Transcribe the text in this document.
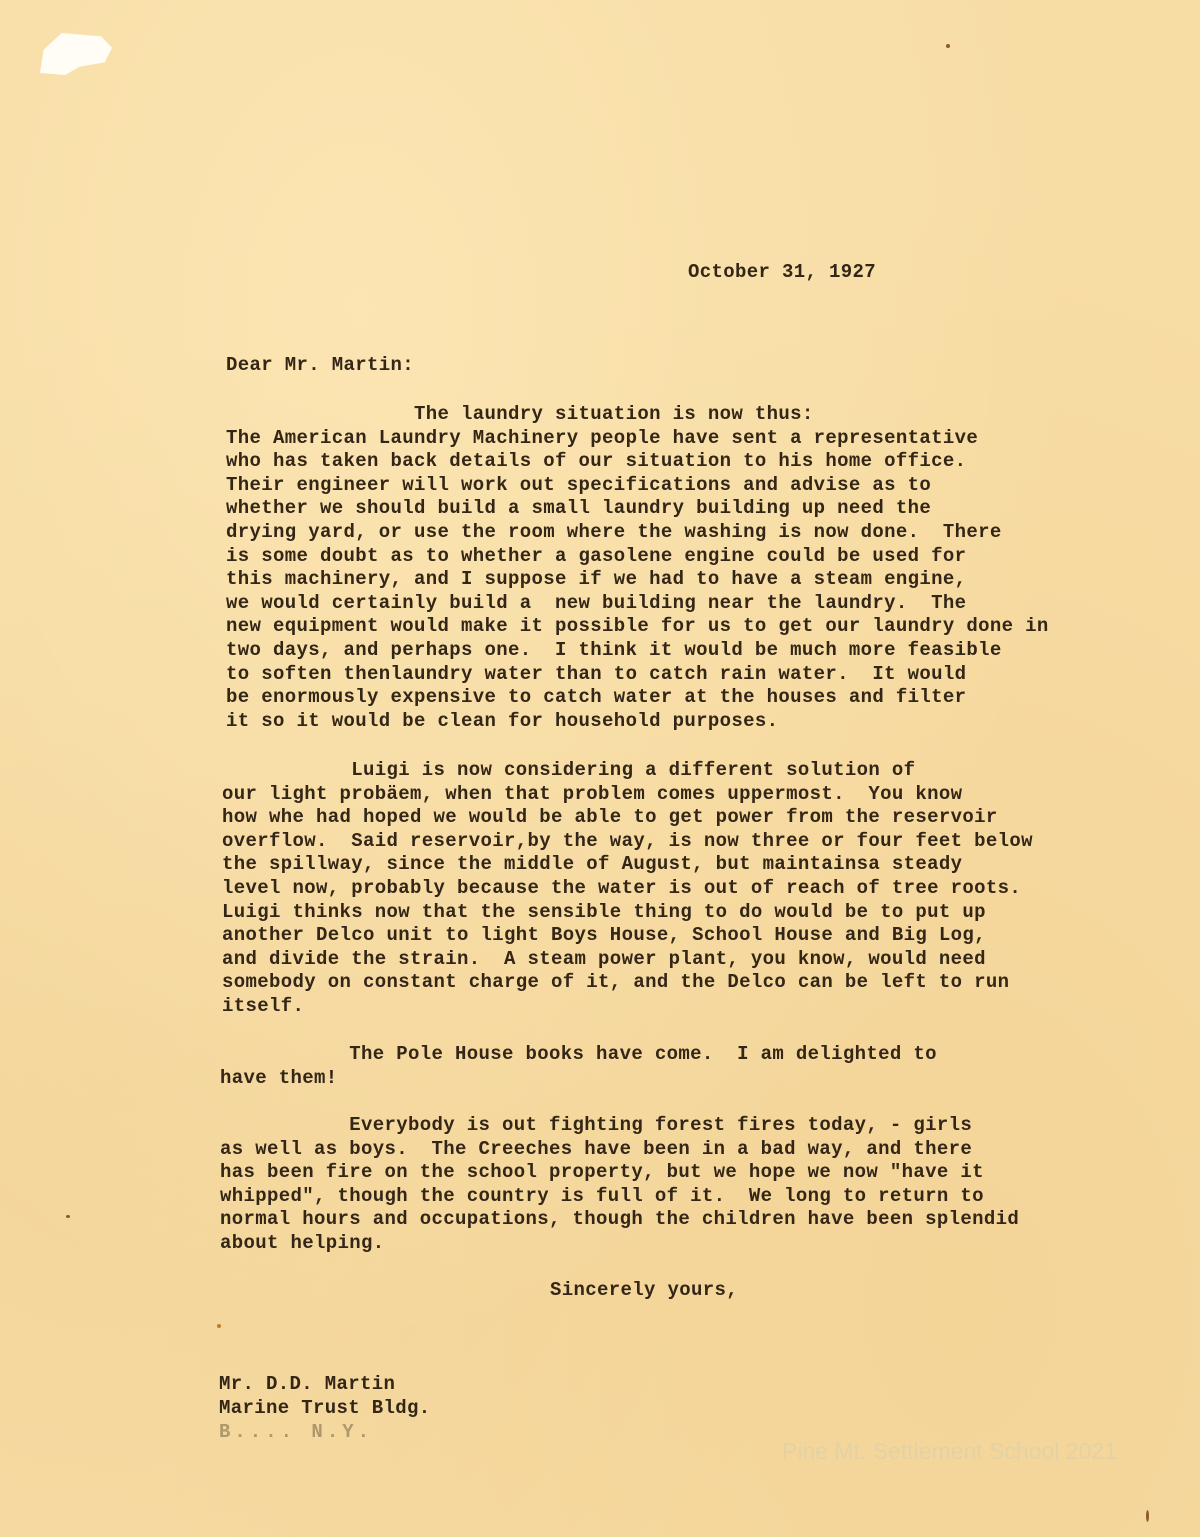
October 31, 1927
Dear Mr. Martin:
The laundry situation is now thus:
The American Laundry Machinery people have sent a representative
who has taken back details of our situation to his home office.
Their engineer will work out specifications and advise as to
whether we should build a small laundry building up need the
drying yard, or use the room where the washing is now done.  There
is some doubt as to whether a gasolene engine could be used for
this machinery, and I suppose if we had to have a steam engine,
we would certainly build a  new building near the laundry.  The
new equipment would make it possible for us to get our laundry done in
two days, and perhaps one.  I think it would be much more feasible
to soften thenlaundry water than to catch rain water.  It would
be enormously expensive to catch water at the houses and filter
it so it would be clean for household purposes.
Luigi is now considering a different solution of
our light probäem, when that problem comes uppermost.  You know
how whe had hoped we would be able to get power from the reservoir
overflow.  Said reservoir,by the way, is now three or four feet below
the spillway, since the middle of August, but maintainsa steady
level now, probably because the water is out of reach of tree roots.
Luigi thinks now that the sensible thing to do would be to put up
another Delco unit to light Boys House, School House and Big Log,
and divide the strain.  A steam power plant, you know, would need
somebody on constant charge of it, and the Delco can be left to run
itself.
The Pole House books have come.  I am delighted to
have them!
Everybody is out fighting forest fires today, - girls
as well as boys.  The Creeches have been in a bad way, and there
has been fire on the school property, but we hope we now "have it
whipped", though the country is full of it.  We long to return to
normal hours and occupations, though the children have been splendid
about helping.
Sincerely yours,
Mr. D.D. Martin
Marine Trust Bldg.
B.... N.Y.
Pine Mt. Settlement School 2021
